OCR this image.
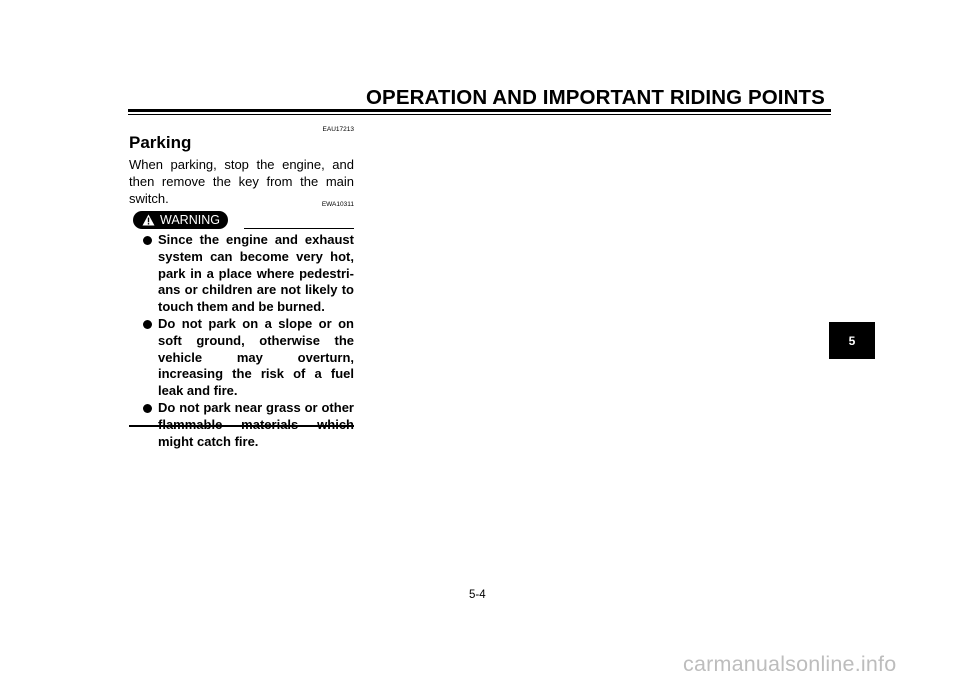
OPERATION AND IMPORTANT RIDING POINTS
EAU17213
Parking

When parking, stop the engine, and then remove the key from the main switch.	EWA10311
WARNING
Since the engine and exhaust system can become very hot, park in a place where pedestri-ans or children are not likely to touch them and be burned.
Do not park on a slope or on soft ground, otherwise the vehicle may overturn, increasing the risk of a fuel leak and fire.
Do not park near grass or other might catch fire.
5-4
5
carmanualsonline.info
